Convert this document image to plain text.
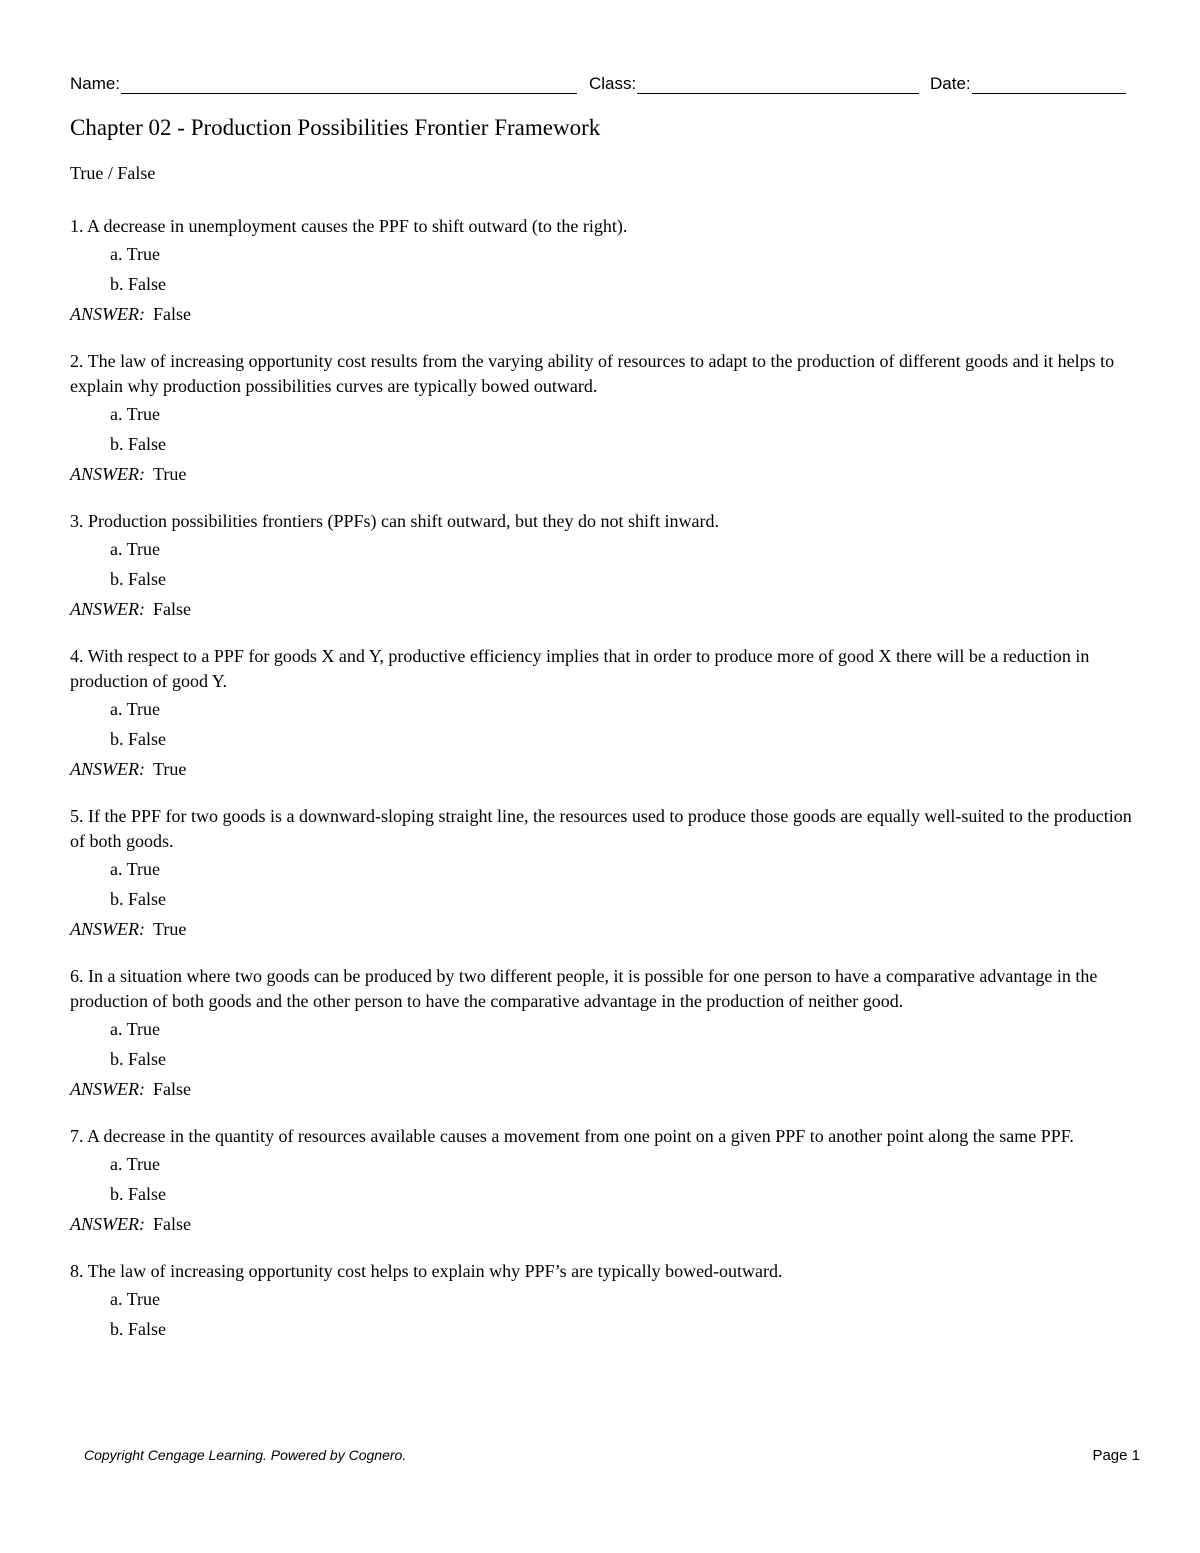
Name:	Class:	Date:
Chapter 02 - Production Possibilities Frontier Framework
True / False
1. A decrease in unemployment causes the PPF to shift outward (to the right).
a. True
b. False
ANSWER: False
2. The law of increasing opportunity cost results from the varying ability of resources to adapt to the production of different goods and it helps to explain why production possibilities curves are typically bowed outward.
a. True
b. False
ANSWER: True
3. Production possibilities frontiers (PPFs) can shift outward, but they do not shift inward.
a. True
b. False
ANSWER: False
4. With respect to a PPF for goods X and Y, productive efficiency implies that in order to produce more of good X there will be a reduction in production of good Y.
a. True
b. False
ANSWER: True
5. If the PPF for two goods is a downward-sloping straight line, the resources used to produce those goods are equally well-suited to the production of both goods.
a. True
b. False
ANSWER: True
6. In a situation where two goods can be produced by two different people, it is possible for one person to have a comparative advantage in the production of both goods and the other person to have the comparative advantage in the production of neither good.
a. True
b. False
ANSWER: False
7. A decrease in the quantity of resources available causes a movement from one point on a given PPF to another point along the same PPF.
a. True
b. False
ANSWER: False
8. The law of increasing opportunity cost helps to explain why PPF’s are typically bowed-outward.
a. True
b. False
Copyright Cengage Learning. Powered by Cognero.	Page 1
